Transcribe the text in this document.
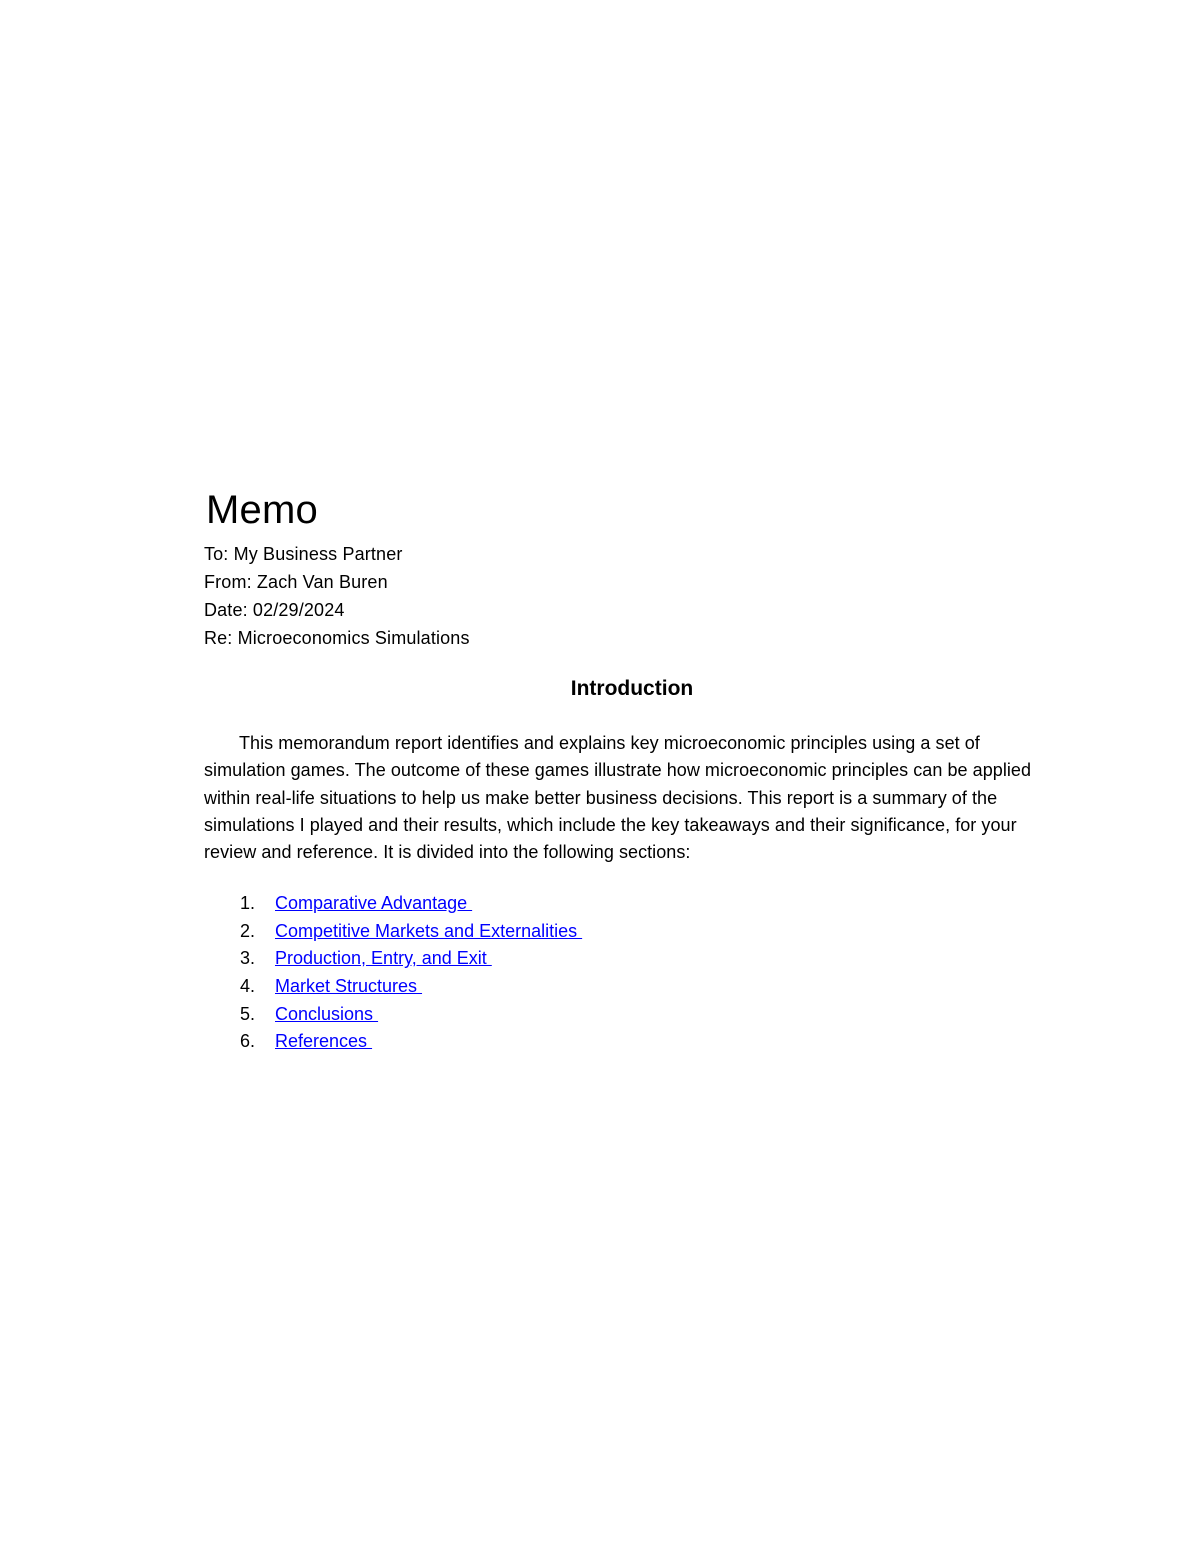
Memo
To: My Business Partner
From: Zach Van Buren
Date: 02/29/2024
Re: Microeconomics Simulations
Introduction

This memorandum report identifies and explains key microeconomic principles using a set of simulation games. The outcome of these games illustrate how microeconomic principles can be applied within real-life situations to help us make better business decisions. This report is a summary of the simulations I played and their results, which include the key takeaways and their significance, for your review and reference. It is divided into the following sections:

1.	Comparative Advantage
2.	Competitive Markets and Externalities
3.	Production, Entry, and Exit
4.	Market Structures
5.	Conclusions
6.	References
